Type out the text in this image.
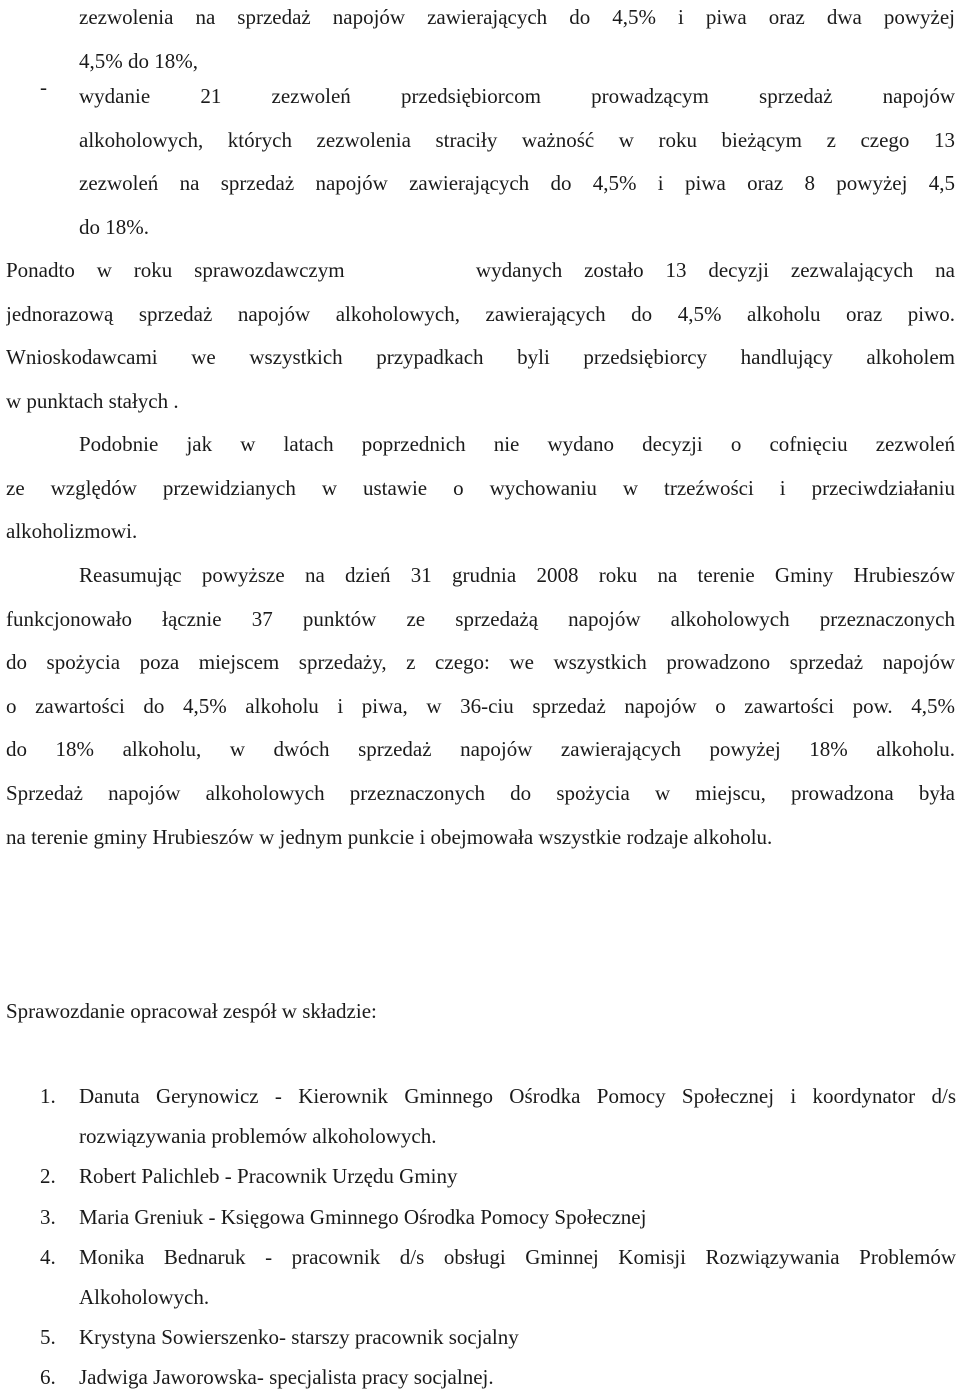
zezwolenia na sprzedaż napojów zawierających do 4,5% i piwa oraz dwa powyżej
4,5% do 18%,
-	wydanie 21 zezwoleń przedsiębiorcom prowadzącym sprzedaż napojów
alkoholowych, których zezwolenia straciły ważność w roku bieżącym z czego 13
zezwoleń na sprzedaż napojów zawierających do 4,5% i piwa oraz 8 powyżej 4,5
do 18%.
Ponadto w roku sprawozdawczym      wydanych zostało 13 decyzji zezwalających na
jednorazową sprzedaż napojów alkoholowych, zawierających do 4,5% alkoholu oraz piwo.
Wnioskodawcami we wszystkich przypadkach byli przedsiębiorcy handlujący alkoholem
w punktach stałych .
Podobnie jak w latach poprzednich nie wydano decyzji o cofnięciu zezwoleń
ze względów przewidzianych w ustawie o wychowaniu w trzeźwości i przeciwdziałaniu
alkoholizmowi.
Reasumując powyższe na dzień 31 grudnia 2008 roku na terenie Gminy Hrubieszów
funkcjonowało łącznie 37 punktów ze sprzedażą napojów alkoholowych przeznaczonych
do spożycia poza miejscem sprzedaży, z czego: we wszystkich prowadzono sprzedaż napojów
o zawartości do 4,5% alkoholu i piwa, w 36-ciu sprzedaż napojów o zawartości pow. 4,5%
do 18% alkoholu, w dwóch sprzedaż napojów zawierających powyżej 18% alkoholu.
Sprzedaż napojów alkoholowych przeznaczonych do spożycia w miejscu, prowadzona była
na terenie gminy Hrubieszów w jednym punkcie i obejmowała wszystkie rodzaje alkoholu.
Sprawozdanie opracował zespół w składzie:
1. Danuta Gerynowicz - Kierownik Gminnego Ośrodka Pomocy Społecznej i koordynator d/s
rozwiązywania problemów alkoholowych.
2. Robert Palichleb - Pracownik Urzędu Gminy
3. Maria Greniuk - Księgowa Gminnego Ośrodka Pomocy Społecznej
4. Monika Bednaruk - pracownik d/s obsługi Gminnej Komisji Rozwiązywania Problemów
Alkoholowych.
5. Krystyna Sowierszenko- starszy pracownik socjalny
6. Jadwiga Jaworowska- specjalista pracy socjalnej.
